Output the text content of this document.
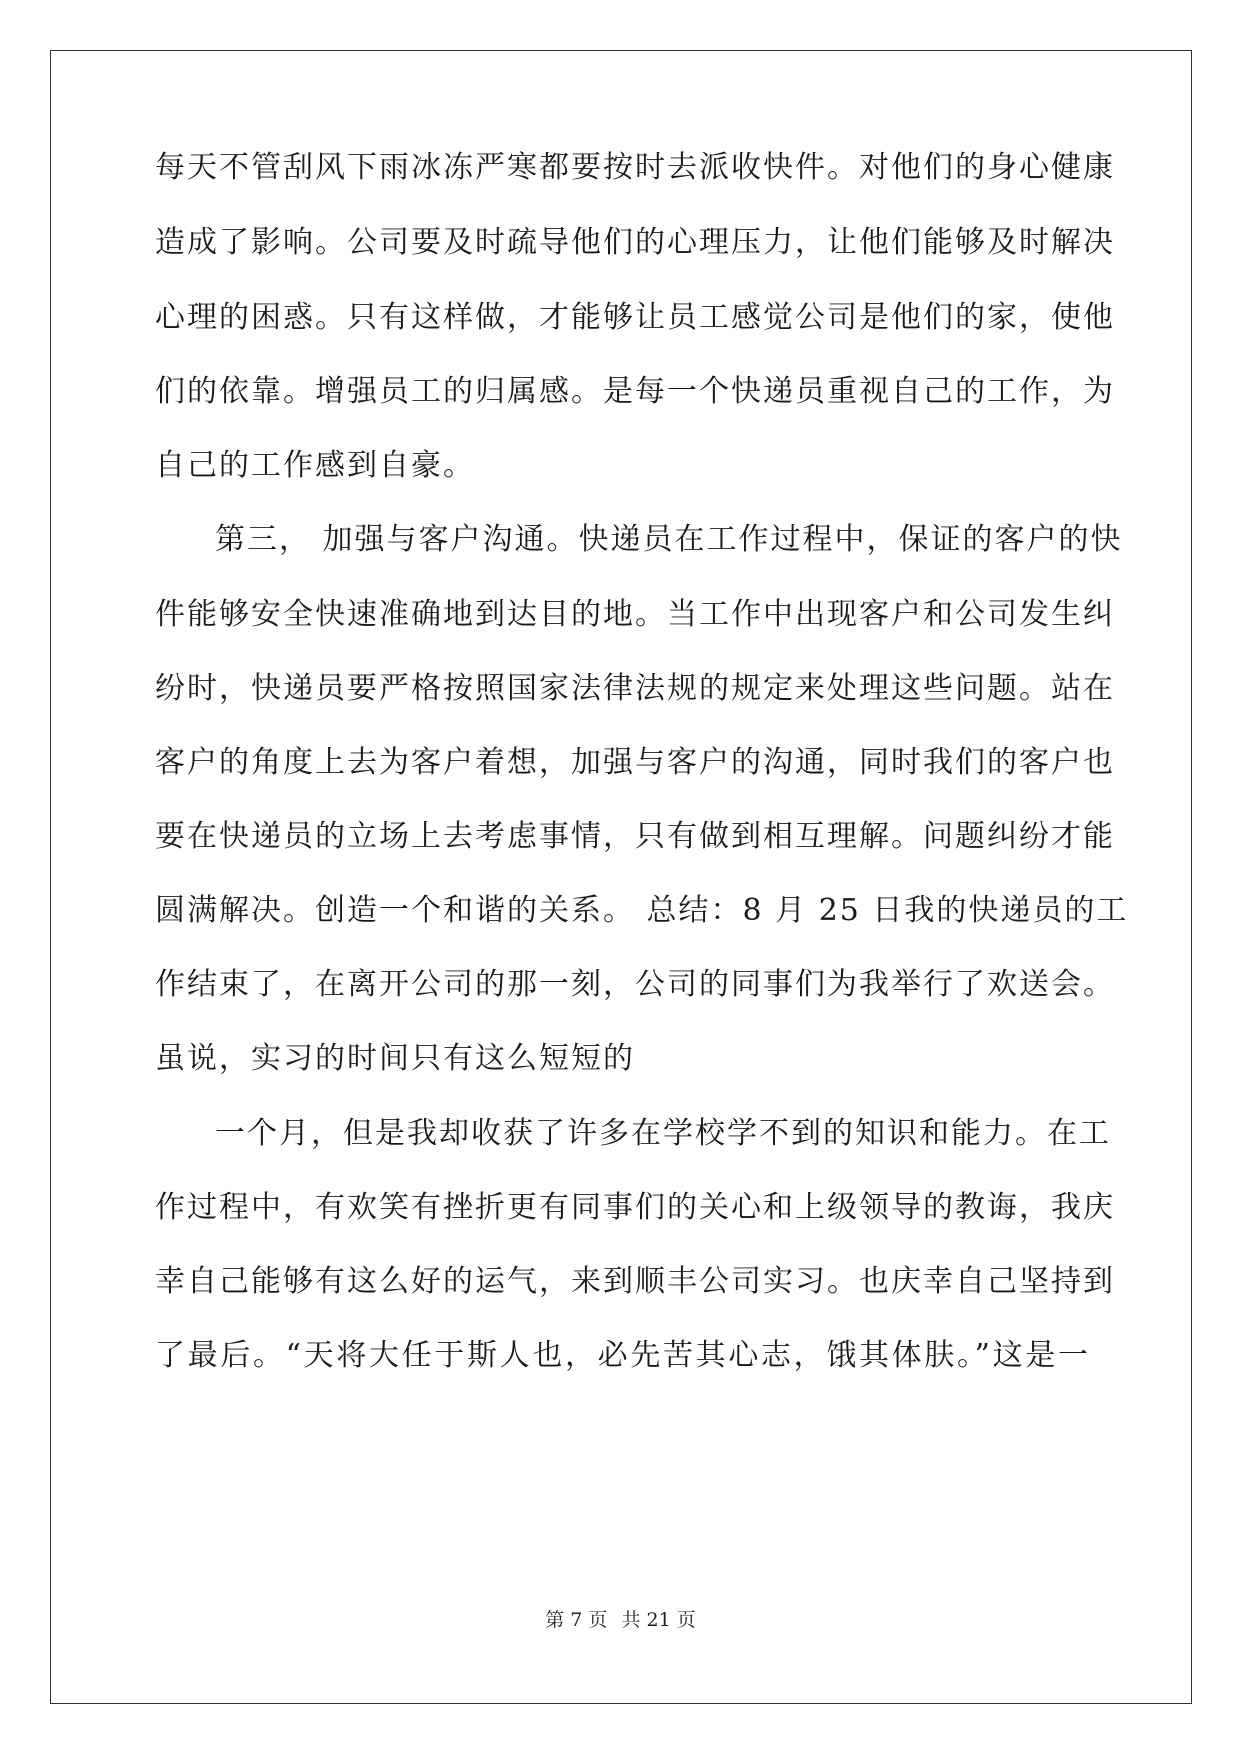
每天不管刮风下雨冰冻严寒都要按时去派收快件。对他们的身心健康
造成了影响。公司要及时疏导他们的心理压力，让他们能够及时解决
心理的困惑。只有这样做，才能够让员工感觉公司是他们的家，使他
们的依靠。增强员工的归属感。是每一个快递员重视自己的工作，为
自己的工作感到自豪。
第三， 加强与客户沟通。快递员在工作过程中，保证的客户的快
件能够安全快速准确地到达目的地。当工作中出现客户和公司发生纠
纷时，快递员要严格按照国家法律法规的规定来处理这些问题。站在
客户的角度上去为客户着想，加强与客户的沟通，同时我们的客户也
要在快递员的立场上去考虑事情，只有做到相互理解。问题纠纷才能
圆满解决。创造一个和谐的关系。 总结：8 月 25 日我的快递员的工
作结束了，在离开公司的那一刻，公司的同事们为我举行了欢送会。
虽说，实习的时间只有这么短短的
一个月，但是我却收获了许多在学校学不到的知识和能力。在工
作过程中，有欢笑有挫折更有同事们的关心和上级领导的教诲，我庆
幸自己能够有这么好的运气，来到顺丰公司实习。也庆幸自己坚持到
了最后。“天将大任于斯人也，必先苦其心志，饿其体肤。”这是一
第 7 页 共 21 页
